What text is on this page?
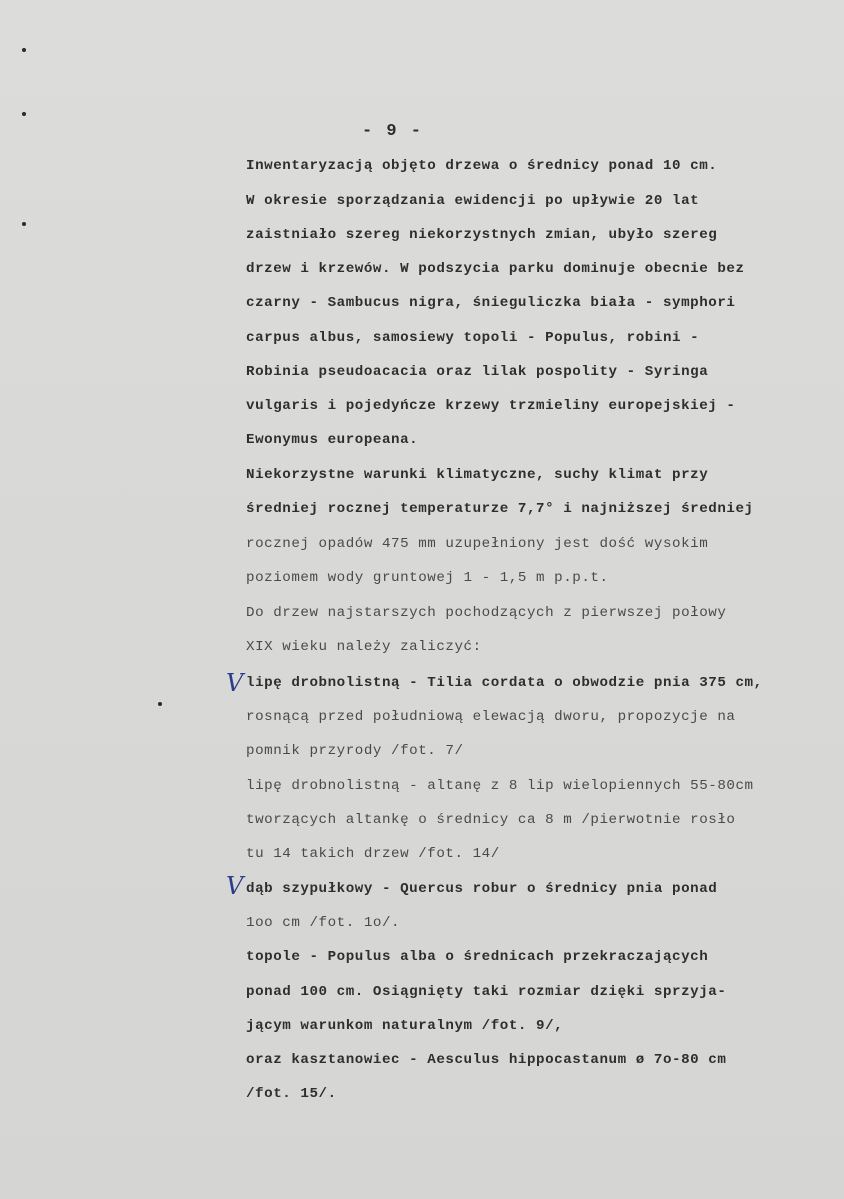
- 9 -
Inwentaryzacją objęto drzewa o średnicy ponad 10 cm.
W okresie sporządzania ewidencji po upływie 20 lat
zaistniało szereg niekorzystnych zmian, ubyło szereg
drzew i krzewów. W podszycia parku dominuje obecnie bez
czarny - Sambucus nigra, śnieguliczka biała - symphori
carpus albus, samosiewy topoli - Populus, robini -
Robinia pseudoacacia oraz lilak pospolity - Syringa
vulgaris i pojedyńcze krzewy trzmieliny europejskiej -
Ewonymus europeana.
Niekorzystne warunki klimatyczne, suchy klimat przy
średniej rocznej temperaturze 7,7° i najniższej średniej
rocznej opadów 475 mm uzupełniony jest dość wysokim
poziomem wody gruntowej 1 - 1,5 m p.p.t.
Do drzew najstarszych pochodzących z pierwszej połowy
XIX wieku należy zaliczyć:
lipę drobnolistną - Tilia cordata o obwodzie pnia 375 cm,
rosnącą przed południową elewacją dworu, propozycje na
pomnik przyrody /fot. 7/
lipę drobnolistną - altanę z 8 lip wielopiennych 55-80cm
tworzących altankę o średnicy ca 8 m /pierwotnie rosło
tu 14 takich drzew /fot. 14/
dąb szypułkowy - Quercus robur o średnicy pnia ponad
1oo cm /fot. 1o/.
topole - Populus alba o średnicach przekraczających
ponad 100 cm. Osiągnięty taki rozmiar dzięki sprzyja-
jącym warunkom naturalnym /fot. 9/,
oraz kasztanowiec - Aesculus hippocastanum ø 7o-80 cm
/fot. 15/.
V
V
